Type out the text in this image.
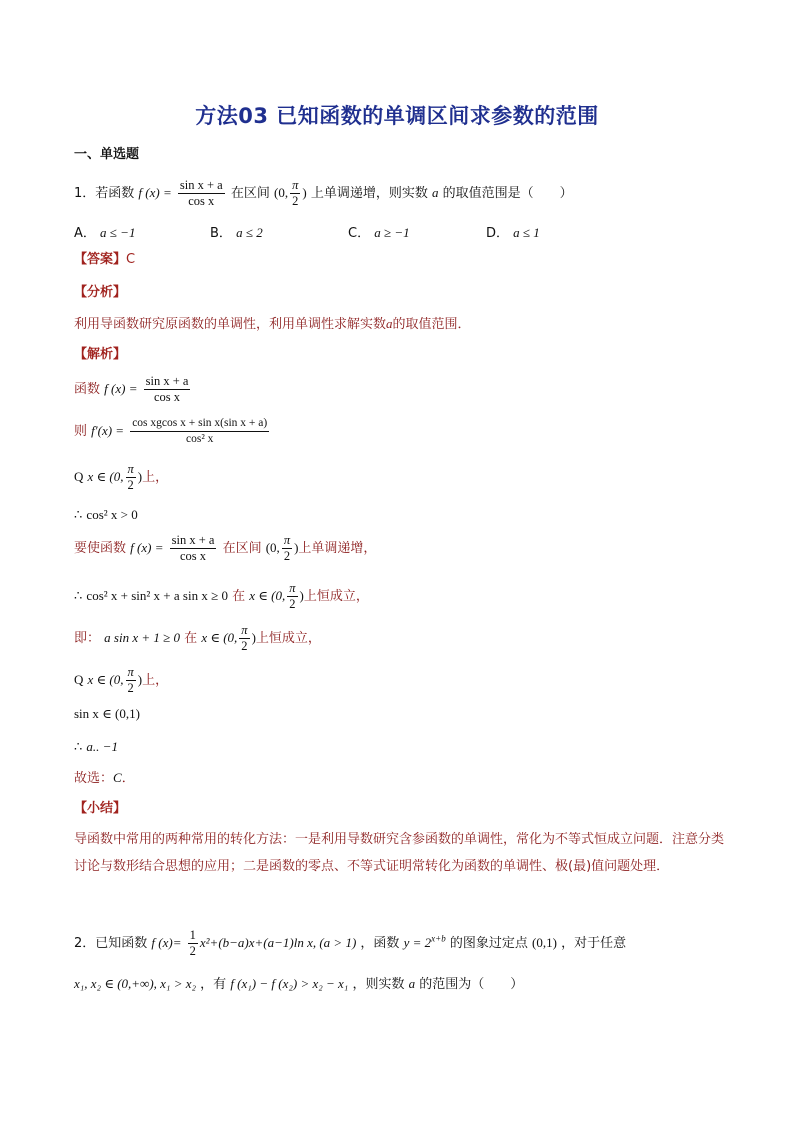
方法03 已知函数的单调区间求参数的范围
一、单选题
1．若函数 f $(x) = \frac{\text{sin x + a}}{\text{cos x}}$ 在区间 (0, $\frac{\pi}{2}$ ) 上单调递增，则实数 a 的取值范围是（　　）
A． a ≤ −1	B． a ≤ 2	C． a ≥ −1	D． a ≤ 1
【答案】C
【分析】
利用导函数研究原函数的单调性，利用单调性求解实数a的取值范围．
【解析】
函数 f $(x) = \frac{\text{sin x + a}}{\text{cos x}}$
则 $f'(x) = \frac{\text{cos xgcos x + sin x(sin x + a)}}{\text{cos² x}}$
Q x ∈ (0, $\frac{\pi}{2}$ )上，
∴ cos² x > 0
要使函数 f $(x) = \frac{\text{sin x + a}}{\text{cos x}}$ 在区间 (0, $\frac{\pi}{2}$ )上单调递增，
∴ cos² x + sin² x + a sin x ≥ 0 在 x ∈ (0, $\frac{\pi}{2}$ )上恒成立，
即： a sin x + 1 ≥ 0 在 x ∈ (0, $\frac{\pi}{2}$ )上恒成立，
Q x ∈ (0, $\frac{\pi}{2}$ )上，
sin x ∈ (0,1)
∴ a.. −1
故选：C．
【小结】
导函数中常用的两种常用的转化方法：一是利用导数研究含参函数的单调性，常化为不等式恒成立问题．注意分类讨论与数形结合思想的应用；二是函数的零点、不等式证明常转化为函数的单调性、极(最)值问题处理．
2．已知函数 f $(x)= \frac{1}{2} x^2+(b-a)x+(a-1)\ln$ x, (a > 1) ，函数 $y = 2^{x+b}$ 的图象过定点 (0,1) ，对于任意
x₁, x₂ ∈ (0,+∞), x₁ > x₂ ，有 f (x₁) − f (x₂) > x₂ − x₁ ，则实数 a 的范围为（　　）
